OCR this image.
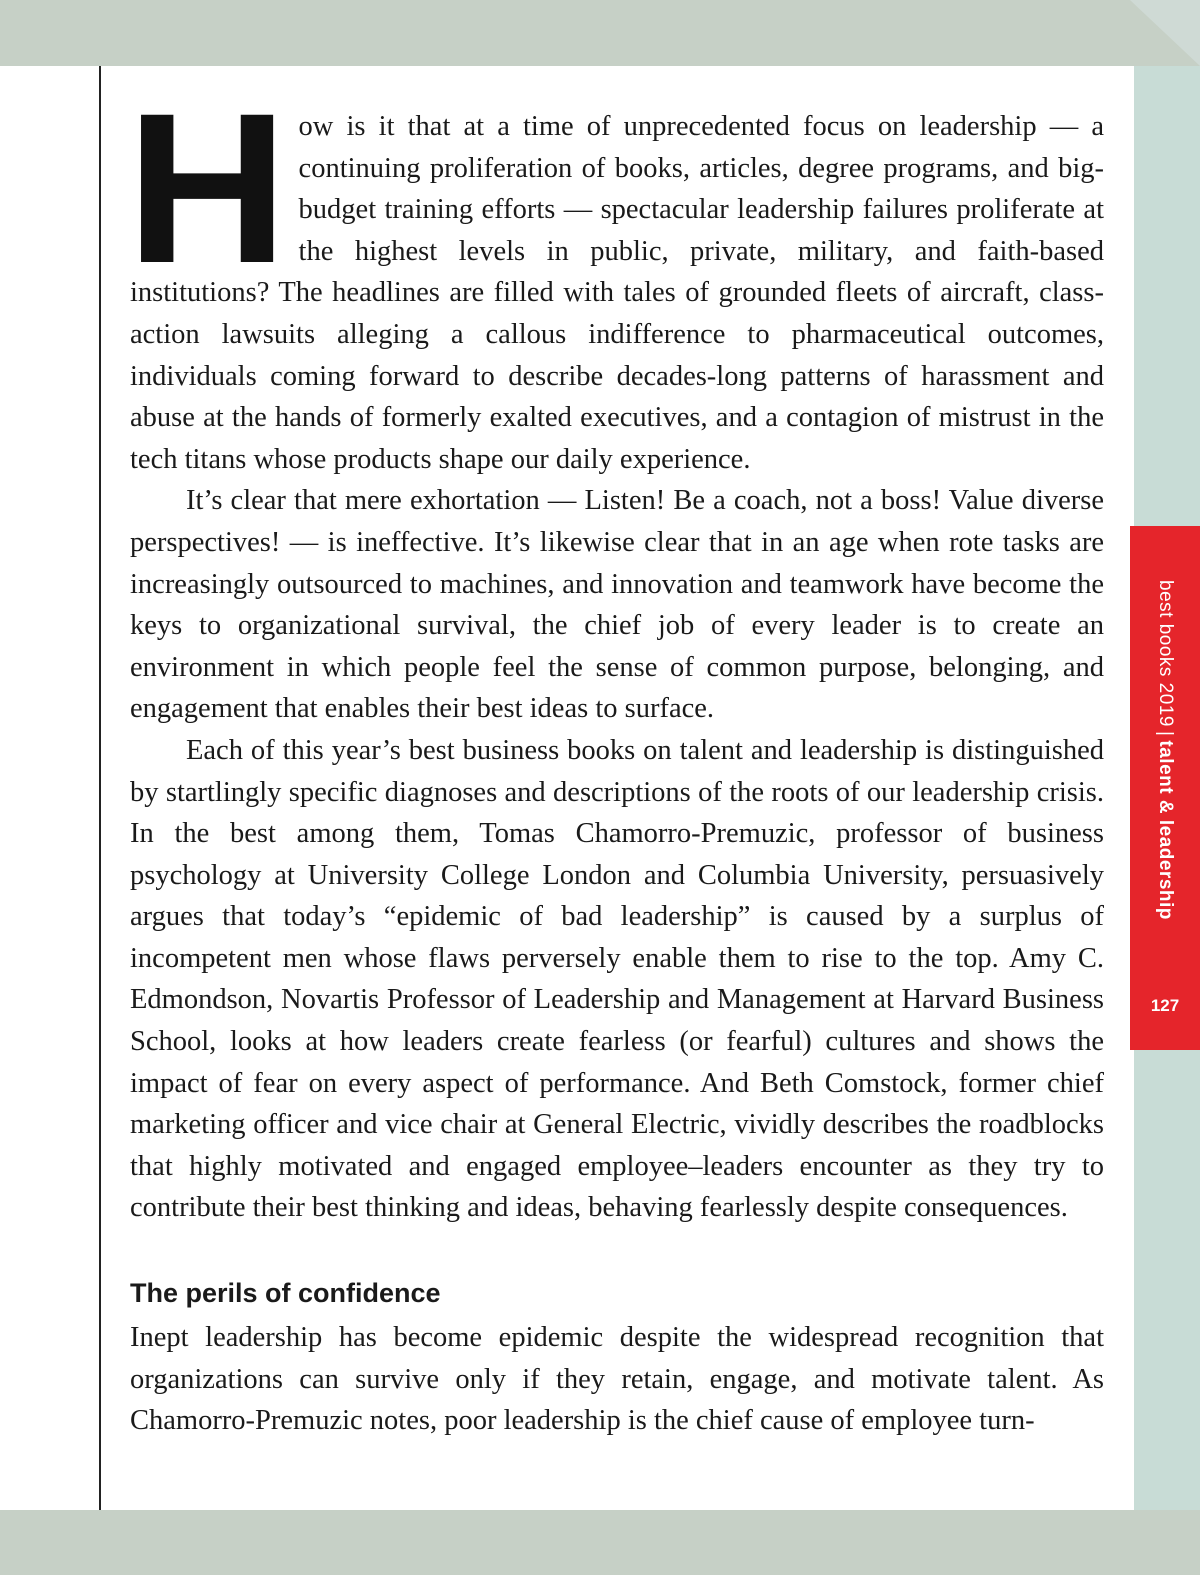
H ow is it that at a time of unprecedented focus on leadership — a continuing proliferation of books, articles, degree programs, and big-budget training efforts — spectacular leadership failures proliferate at the highest levels in public, private, military, and faith-based institutions? The headlines are filled with tales of grounded fleets of aircraft, class-action lawsuits alleging a callous indifference to pharmaceutical outcomes, individuals coming forward to describe decades-long patterns of harassment and abuse at the hands of formerly exalted executives, and a contagion of mistrust in the tech titans whose products shape our daily experience.

It’s clear that mere exhortation — Listen! Be a coach, not a boss! Value diverse perspectives! — is ineffective. It’s likewise clear that in an age when rote tasks are increasingly outsourced to machines, and innovation and teamwork have become the keys to organizational survival, the chief job of every leader is to create an environment in which people feel the sense of common purpose, belonging, and engagement that enables their best ideas to surface.

Each of this year’s best business books on talent and leadership is distinguished by startlingly specific diagnoses and descriptions of the roots of our leadership crisis. In the best among them, Tomas Chamorro-Premuzic, professor of business psychology at University College London and Columbia University, persuasively argues that today’s “epidemic of bad leadership” is caused by a surplus of incompetent men whose flaws perversely enable them to rise to the top. Amy C. Edmondson, Novartis Professor of Leadership and Management at Harvard Business School, looks at how leaders create fearless (or fearful) cultures and shows the impact of fear on every aspect of performance. And Beth Comstock, former chief marketing officer and vice chair at General Electric, vividly describes the roadblocks that highly motivated and engaged employee–leaders encounter as they try to contribute their best thinking and ideas, behaving fearlessly despite consequences.

The perils of confidence

Inept leadership has become epidemic despite the widespread recognition that organizations can survive only if they retain, engage, and motivate talent. As Chamorro-Premuzic notes, poor leadership is the chief cause of employee turn-

best books 2019|talent & leadership
127
